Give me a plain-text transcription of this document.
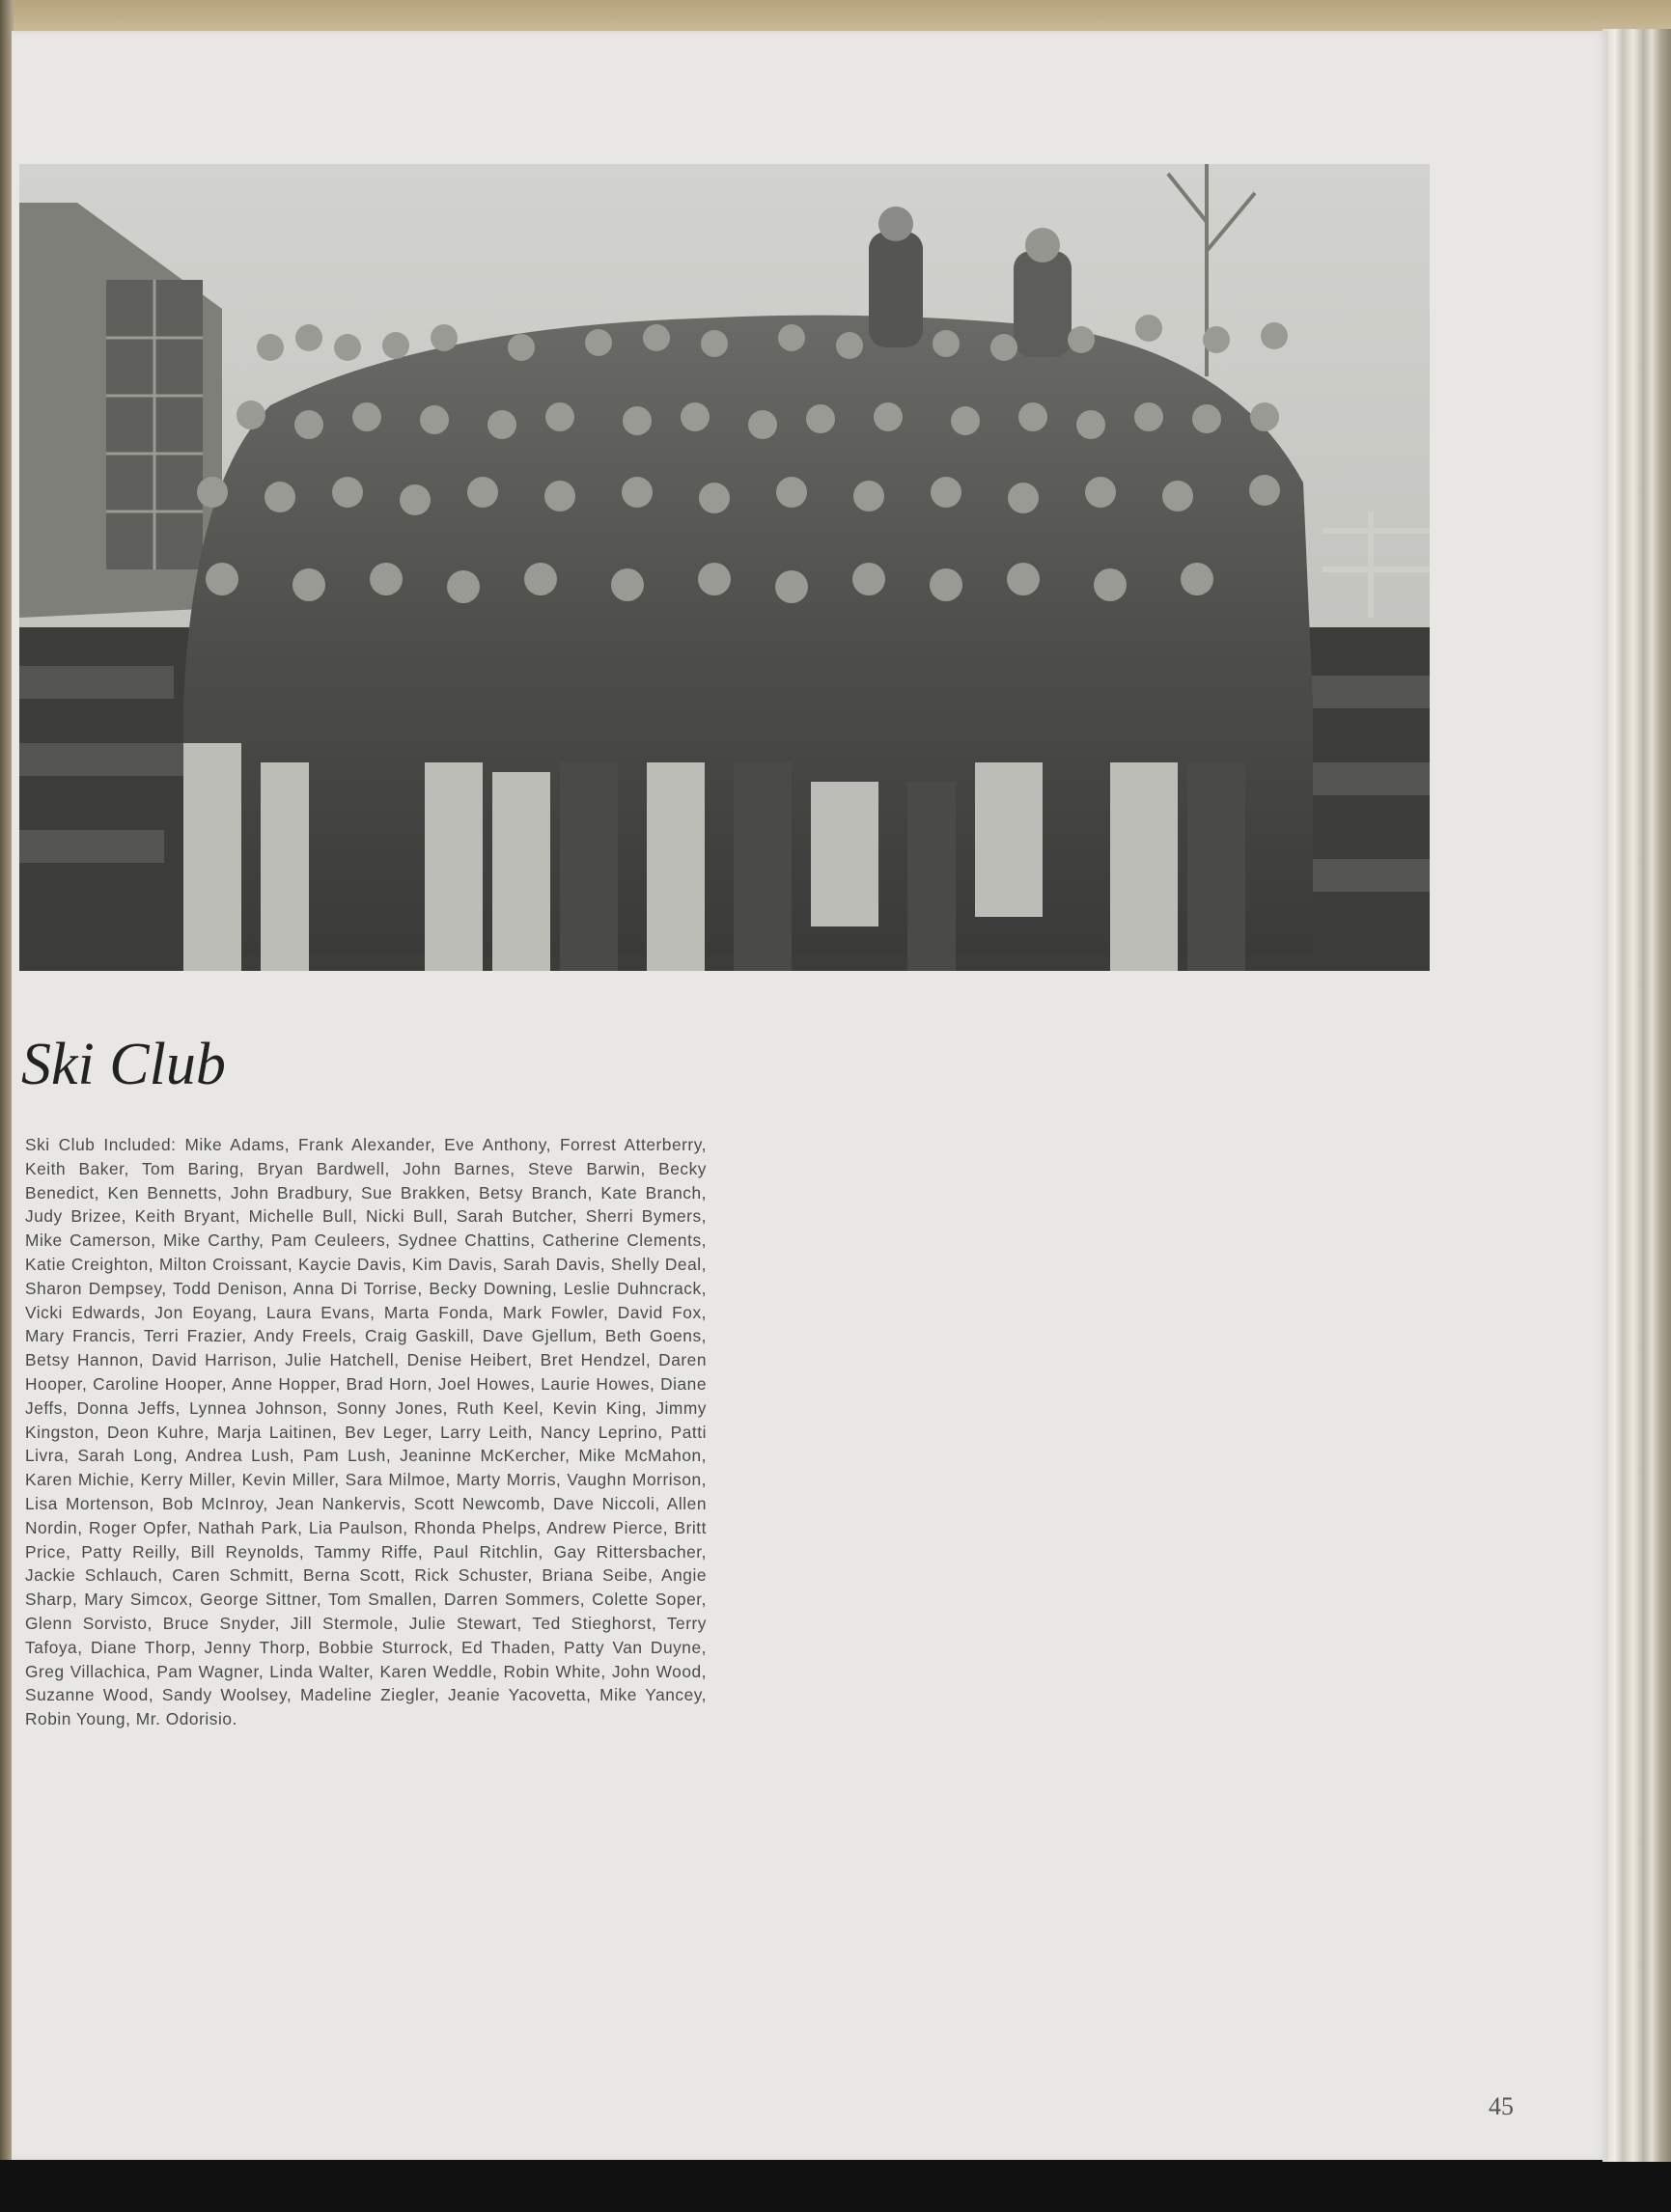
Ski Club

Ski Club Included: Mike Adams, Frank Alexander, Eve Anthony, Forrest Atterberry, Keith Baker, Tom Baring, Bryan Bardwell, John Barnes, Steve Barwin, Becky Benedict, Ken Bennetts, John Bradbury, Sue Brakken, Betsy Branch, Kate Branch, Judy Brizee, Keith Bryant, Michelle Bull, Nicki Bull, Sarah Butcher, Sherri Bymers, Mike Camerson, Mike Carthy, Pam Ceuleers, Sydnee Chattins, Catherine Clements, Katie Creighton, Milton Croissant, Kaycie Davis, Kim Davis, Sarah Davis, Shelly Deal, Sharon Dempsey, Todd Denison, Anna Di Torrise, Becky Downing, Leslie Duhncrack, Vicki Edwards, Jon Eoyang, Laura Evans, Marta Fonda, Mark Fowler, David Fox, Mary Francis, Terri Frazier, Andy Freels, Craig Gaskill, Dave Gjellum, Beth Goens, Betsy Hannon, David Harrison, Julie Hatchell, Denise Heibert, Bret Hendzel, Daren Hooper, Caroline Hooper, Anne Hopper, Brad Horn, Joel Howes, Laurie Howes, Diane Jeffs, Donna Jeffs, Lynnea Johnson, Sonny Jones, Ruth Keel, Kevin King, Jimmy Kingston, Deon Kuhre, Marja Laitinen, Bev Leger, Larry Leith, Nancy Leprino, Patti Livra, Sarah Long, Andrea Lush, Pam Lush, Jeaninne McKercher, Mike McMahon, Karen Michie, Kerry Miller, Kevin Miller, Sara Milmoe, Marty Morris, Vaughn Morrison, Lisa Mortenson, Bob McInroy, Jean Nankervis, Scott Newcomb, Dave Niccoli, Allen Nordin, Roger Opfer, Nathah Park, Lia Paulson, Rhonda Phelps, Andrew Pierce, Britt Price, Patty Reilly, Bill Reynolds, Tammy Riffe, Paul Ritchlin, Gay Rittersbacher, Jackie Schlauch, Caren Schmitt, Berna Scott, Rick Schuster, Briana Seibe, Angie Sharp, Mary Simcox, George Sittner, Tom Smallen, Darren Sommers, Colette Soper, Glenn Sorvisto, Bruce Snyder, Jill Stermole, Julie Stewart, Ted Stieghorst, Terry Tafoya, Diane Thorp, Jenny Thorp, Bobbie Sturrock, Ed Thaden, Patty Van Duyne, Greg Villachica, Pam Wagner, Linda Walter, Karen Weddle, Robin White, John Wood, Suzanne Wood, Sandy Woolsey, Madeline Ziegler, Jeanie Yacovetta, Mike Yancey, Robin Young, Mr. Odorisio.

45
